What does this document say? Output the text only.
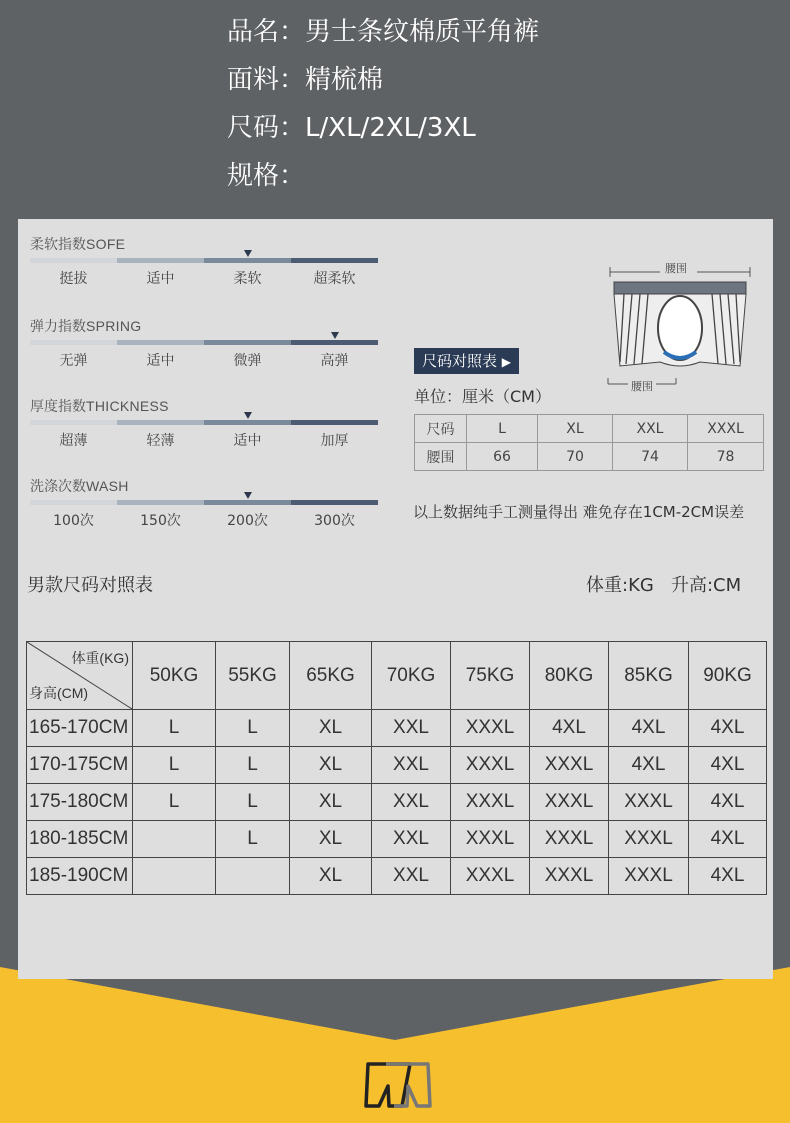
品名：男士条纹棉质平角裤
面料：精梳棉
尺码：L/XL/2XL/3XL
规格：
柔软指数SOFE
挺拔	适中	柔软	超柔软
弹力指数SPRING
无弹	适中	微弹	高弹
厚度指数THICKNESS
超薄	轻薄	适中	加厚
洗涤次数WASH
100次	150次	200次	300次
腰围
腰围
尺码对照表 ▶
单位：厘米（CM）
尺码	L	XL	XXL	XXXL
腰围	66	70	74	78
以上数据纯手工测量得出 难免存在1CM-2CM误差
男款尺码对照表	体重:KG   升高:CM
体重(KG)
身高(CM)	50KG	55KG	65KG	70KG	75KG	80KG	85KG	90KG
165-170CM	L	L	XL	XXL	XXXL	4XL	4XL	4XL
170-175CM	L	L	XL	XXL	XXXL	XXXL	4XL	4XL
175-180CM	L	L	XL	XXL	XXXL	XXXL	XXXL	4XL
180-185CM		L	XL	XXL	XXXL	XXXL	XXXL	4XL
185-190CM			XL	XXL	XXXL	XXXL	XXXL	4XL
